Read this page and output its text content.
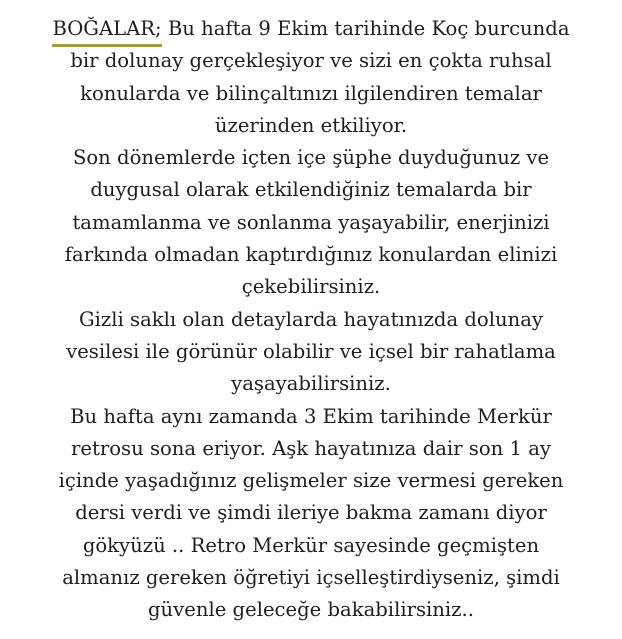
BOĞALAR; Bu hafta 9 Ekim tarihinde Koç burcunda
bir dolunay gerçekleşiyor ve sizi en çokta ruhsal
konularda ve bilinçaltınızı ilgilendiren temalar
üzerinden etkiliyor.
Son dönemlerde içten içe şüphe duyduğunuz ve
duygusal olarak etkilendiğiniz temalarda bir
tamamlanma ve sonlanma yaşayabilir, enerjinizi
farkında olmadan kaptırdığınız konulardan elinizi
çekebilirsiniz.
Gizli saklı olan detaylarda hayatınızda dolunay
vesilesi ile görünür olabilir ve içsel bir rahatlama
yaşayabilirsiniz.
Bu hafta aynı zamanda 3 Ekim tarihinde Merkür
retrosu sona eriyor. Aşk hayatınıza dair son 1 ay
içinde yaşadığınız gelişmeler size vermesi gereken
dersi verdi ve şimdi ileriye bakma zamanı diyor
gökyüzü .. Retro Merkür sayesinde geçmişten
almanız gereken öğretiyi içselleştirdiyseniz, şimdi
güvenle geleceğe bakabilirsiniz..
